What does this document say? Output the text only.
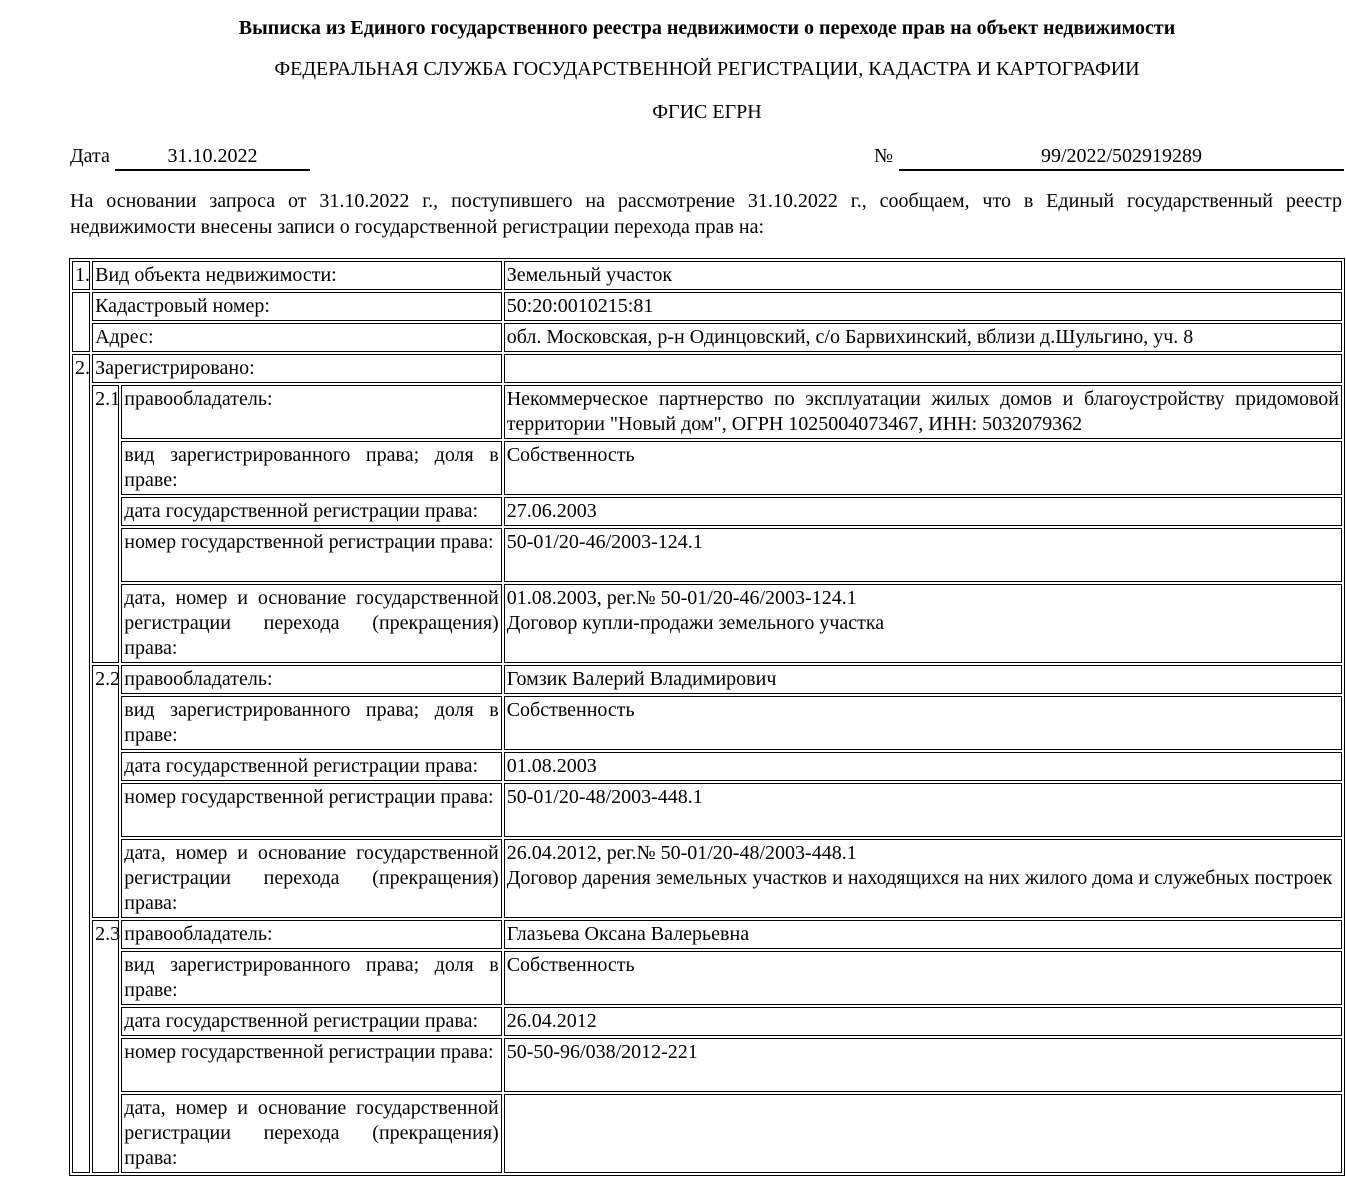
Выписка из Единого государственного реестра недвижимости о переходе прав на объект недвижимости
ФЕДЕРАЛЬНАЯ СЛУЖБА ГОСУДАРСТВЕННОЙ РЕГИСТРАЦИИ, КАДАСТРА И КАРТОГРАФИИ
ФГИС ЕГРН
Дата	31.10.2022	№	99/2022/502919289
На основании запроса от 31.10.2022 г., поступившего на рассмотрение 31.10.2022 г., сообщаем, что в Единый государственный реестр недвижимости внесены записи о государственной регистрации перехода прав на:
1.	Вид объекта недвижимости:		Земельный участок
	Кадастровый номер:		50:20:0010215:81
	Адрес:		обл. Московская, р-н Одинцовский, с/о Барвихинский, вблизи д.Шульгино, уч. 8
2.	Зарегистрировано:		
	2.1	правообладатель:	Некоммерческое партнерство по эксплуатации жилых домов и благоустройству придомовой территории "Новый дом", ОГРН 1025004073467, ИНН: 5032079362
		вид зарегистрированного права; доля в праве:	Собственность
		дата государственной регистрации права:	27.06.2003
		номер государственной регистрации права:	50-01/20-46/2003-124.1
		дата, номер и основание государственной регистрации перехода (прекращения) права:	01.08.2003, рег.№ 50-01/20-46/2003-124.1
Договор купли-продажи земельного участка

	2.2	правообладатель:	Гомзик Валерий Владимирович
		вид зарегистрированного права; доля в праве:	Собственность
		дата государственной регистрации права:	01.08.2003
		номер государственной регистрации права:	50-01/20-48/2003-448.1
		дата, номер и основание государственной регистрации перехода (прекращения) права:	26.04.2012, рег.№ 50-01/20-48/2003-448.1
Договор дарения земельных участков и находящихся на них жилого дома и служебных построек

	2.3	правообладатель:	Глазьева Оксана Валерьевна
		вид зарегистрированного права; доля в праве:	Собственность
		дата государственной регистрации права:	26.04.2012
		номер государственной регистрации права:	50-50-96/038/2012-221
		дата, номер и основание государственной регистрации перехода (прекращения) права:	
